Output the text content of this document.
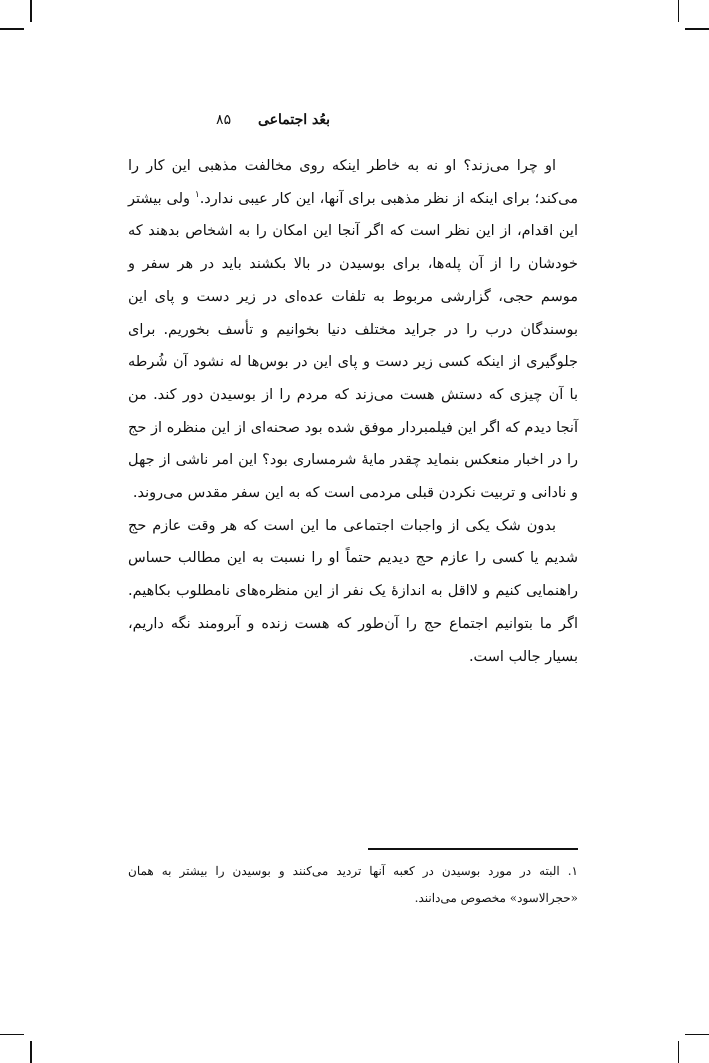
بعُد اجتماعی ۸۵

او چرا می‌زند؟ او نه به خاطر اینکه روی مخالفت مذهبی این کار را می‌کند؛ برای اینکه از نظر مذهبی برای آنها، این کار عیبی ندارد.$^۱$ ولی بیشتر این اقدام، از این نظر است که اگر آنجا این امکان را به اشخاص بدهند که خودشان را از آن پله‌ها، برای بوسیدن در بالا بکشند باید در هر سفر و موسم حجی، گزارشی مربوط به تلفات عده‌ای در زیر دست و پای این بوسندگان درب را در جراید مختلف دنیا بخوانیم و تأسف بخوریم. برای جلوگیری از اینکه کسی زیر دست و پای این در بوس‌ها له نشود آن شُرطه با آن چیزی که دستش هست می‌زند که مردم را از بوسیدن دور کند. من آنجا دیدم که اگر این فیلمبردار موفق شده بود صحنه‌ای از این منظره از حج را در اخبار منعکس بنماید چقدر مایهٔ شرمساری بود؟ این امر ناشی از جهل و نادانی و تربیت نکردن قبلی مردمی است که به این سفر مقدس می‌روند.

بدون شک یکی از واجبات اجتماعی ما این است که هر وقت عازم حج شدیم یا کسی را عازم حج دیدیم حتماً او را نسبت به این مطالب حساس راهنمایی کنیم و لااقل به اندازهٔ یک نفر از این منظره‌های نامطلوب بکاهیم. اگر ما بتوانیم اجتماع حج را آن‌طور که هست زنده و آبرومند نگه داریم، بسیار جالب است.

۱. البته در مورد بوسیدن در کعبه آنها تردید می‌کنند و بوسیدن را بیشتر به همان «حجرالاسود» مخصوص می‌دانند.
